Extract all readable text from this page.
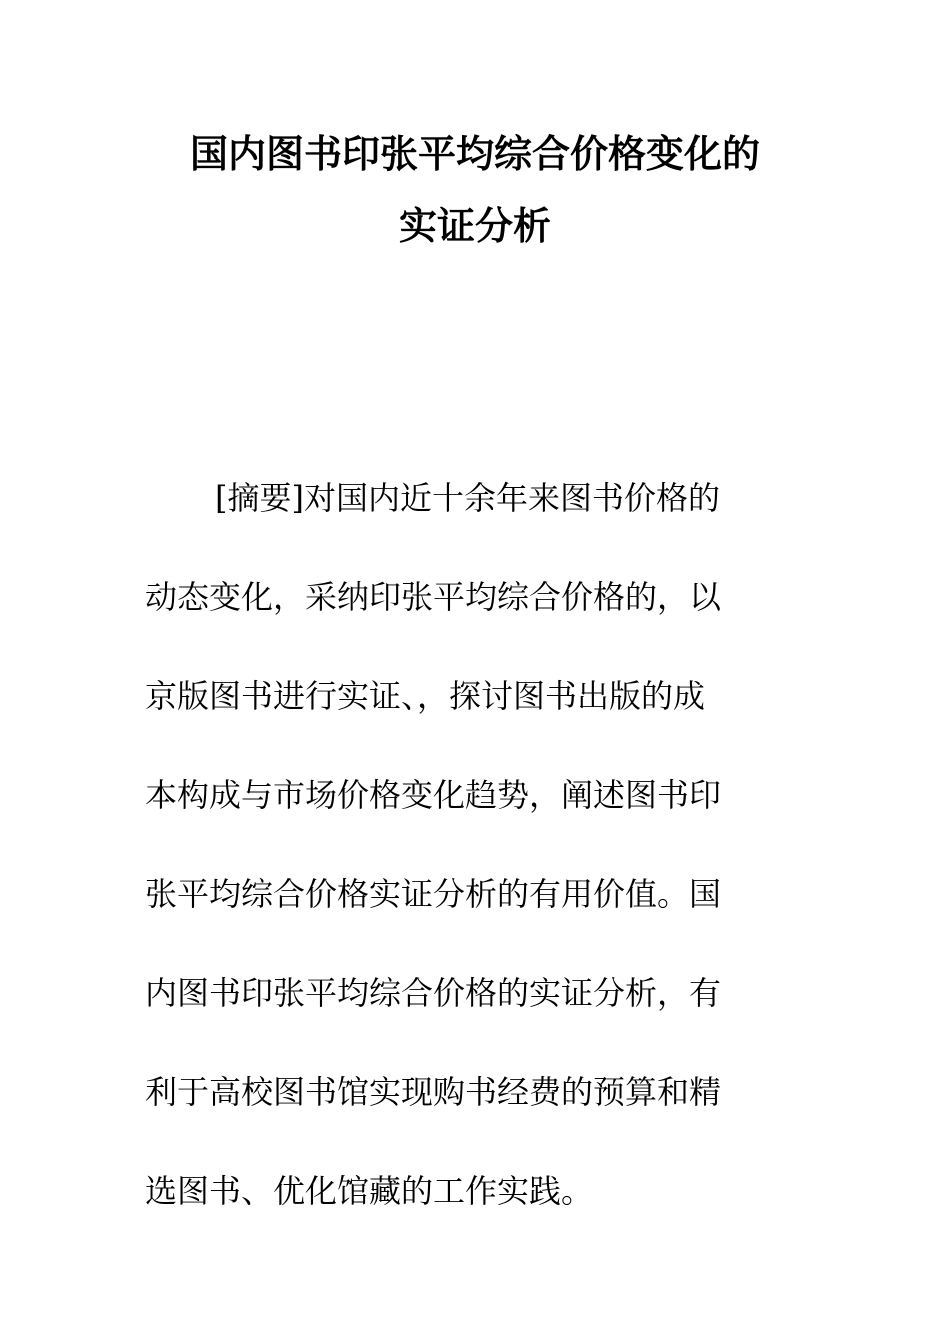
国内图书印张平均综合价格变化的
实证分析

[摘要]对国内近十余年来图书价格的

动态变化，采纳印张平均综合价格的，以

京版图书进行实证、，探讨图书出版的成

本构成与市场价格变化趋势，阐述图书印

张平均综合价格实证分析的有用价值。国

内图书印张平均综合价格的实证分析，有

利于高校图书馆实现购书经费的预算和精

选图书、优化馆藏的工作实践。
